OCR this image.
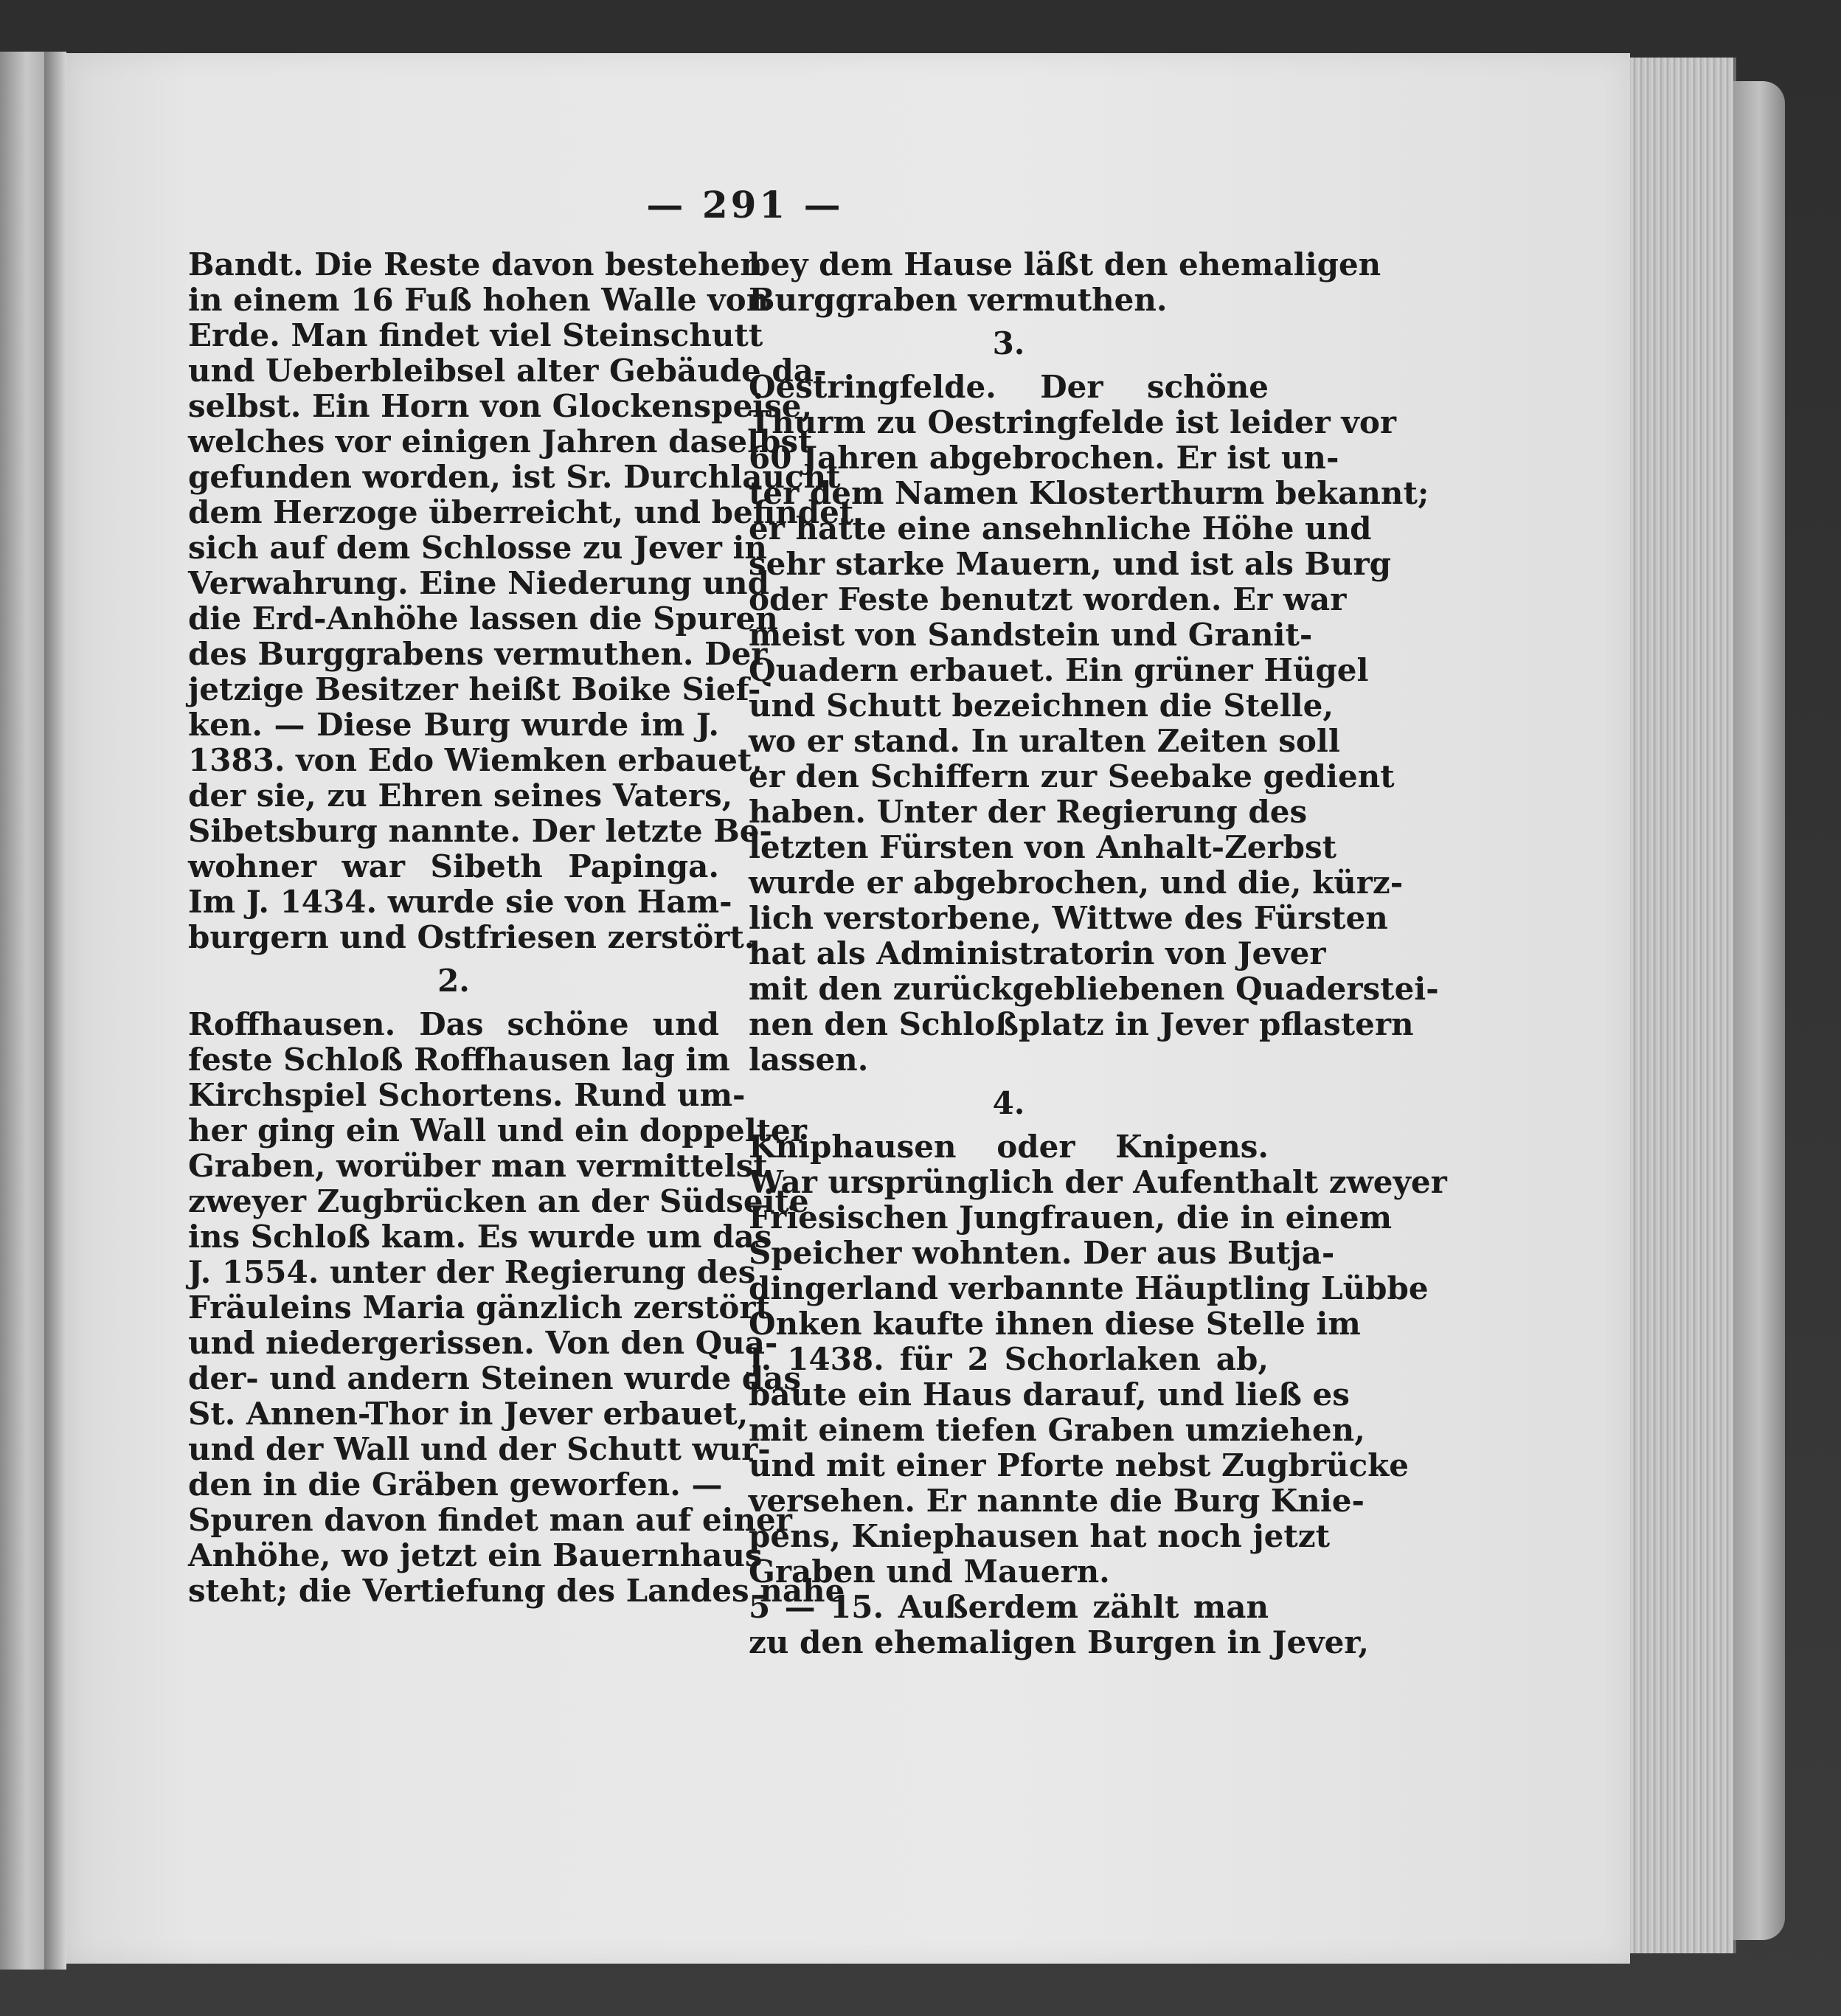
— 291 —
Bandt. Die Reste davon bestehen
in einem 16 Fuß hohen Walle von
Erde. Man findet viel Steinschutt
und Ueberbleibsel alter Gebäude da-
selbst. Ein Horn von Glockenspeise,
welches vor einigen Jahren daselbst
gefunden worden, ist Sr. Durchlaucht
dem Herzoge überreicht, und befindet
sich auf dem Schlosse zu Jever in
Verwahrung. Eine Niederung und
die Erd-Anhöhe lassen die Spuren
des Burggrabens vermuthen. Der
jetzige Besitzer heißt Boike Sief-
ken. — Diese Burg wurde im J.
1383. von Edo Wiemken erbauet,
der sie, zu Ehren seines Vaters,
Sibetsburg nannte. Der letzte Be-
wohner war Sibeth Papinga.
Im J. 1434. wurde sie von Ham-
burgern und Ostfriesen zerstört.
2.
Roffhausen. Das schöne und
feste Schloß Roffhausen lag im
Kirchspiel Schortens. Rund um-
her ging ein Wall und ein doppelter
Graben, worüber man vermittelst
zweyer Zugbrücken an der Südseite
ins Schloß kam. Es wurde um das
J. 1554. unter der Regierung des
Fräuleins Maria gänzlich zerstört
und niedergerissen. Von den Qua-
der- und andern Steinen wurde das
St. Annen-Thor in Jever erbauet,
und der Wall und der Schutt wur-
den in die Gräben geworfen. —
Spuren davon findet man auf einer
Anhöhe, wo jetzt ein Bauernhaus
steht; die Vertiefung des Landes nahe
bey dem Hause läßt den ehemaligen
Burggraben vermuthen.
3.
Oestringfelde. Der schöne
Thurm zu Oestringfelde ist leider vor
60 Jahren abgebrochen. Er ist un-
ter dem Namen Klosterthurm bekannt;
er hatte eine ansehnliche Höhe und
sehr starke Mauern, und ist als Burg
oder Feste benutzt worden. Er war
meist von Sandstein und Granit-
Quadern erbauet. Ein grüner Hügel
und Schutt bezeichnen die Stelle,
wo er stand. In uralten Zeiten soll
er den Schiffern zur Seebake gedient
haben. Unter der Regierung des
letzten Fürsten von Anhalt-Zerbst
wurde er abgebrochen, und die, kürz-
lich verstorbene, Wittwe des Fürsten
hat als Administratorin von Jever
mit den zurückgebliebenen Quaderstei-
nen den Schloßplatz in Jever pflastern
lassen.
4.
Kniphausen oder Knipens.
War ursprünglich der Aufenthalt zweyer
Friesischen Jungfrauen, die in einem
Speicher wohnten. Der aus Butja-
dingerland verbannte Häuptling Lübbe
Onken kaufte ihnen diese Stelle im
J. 1438. für 2 Schorlaken ab,
baute ein Haus darauf, und ließ es
mit einem tiefen Graben umziehen,
und mit einer Pforte nebst Zugbrücke
versehen. Er nannte die Burg Knie-
pens, Kniephausen hat noch jetzt
Graben und Mauern.
5 — 15. Außerdem zählt man
zu den ehemaligen Burgen in Jever,
